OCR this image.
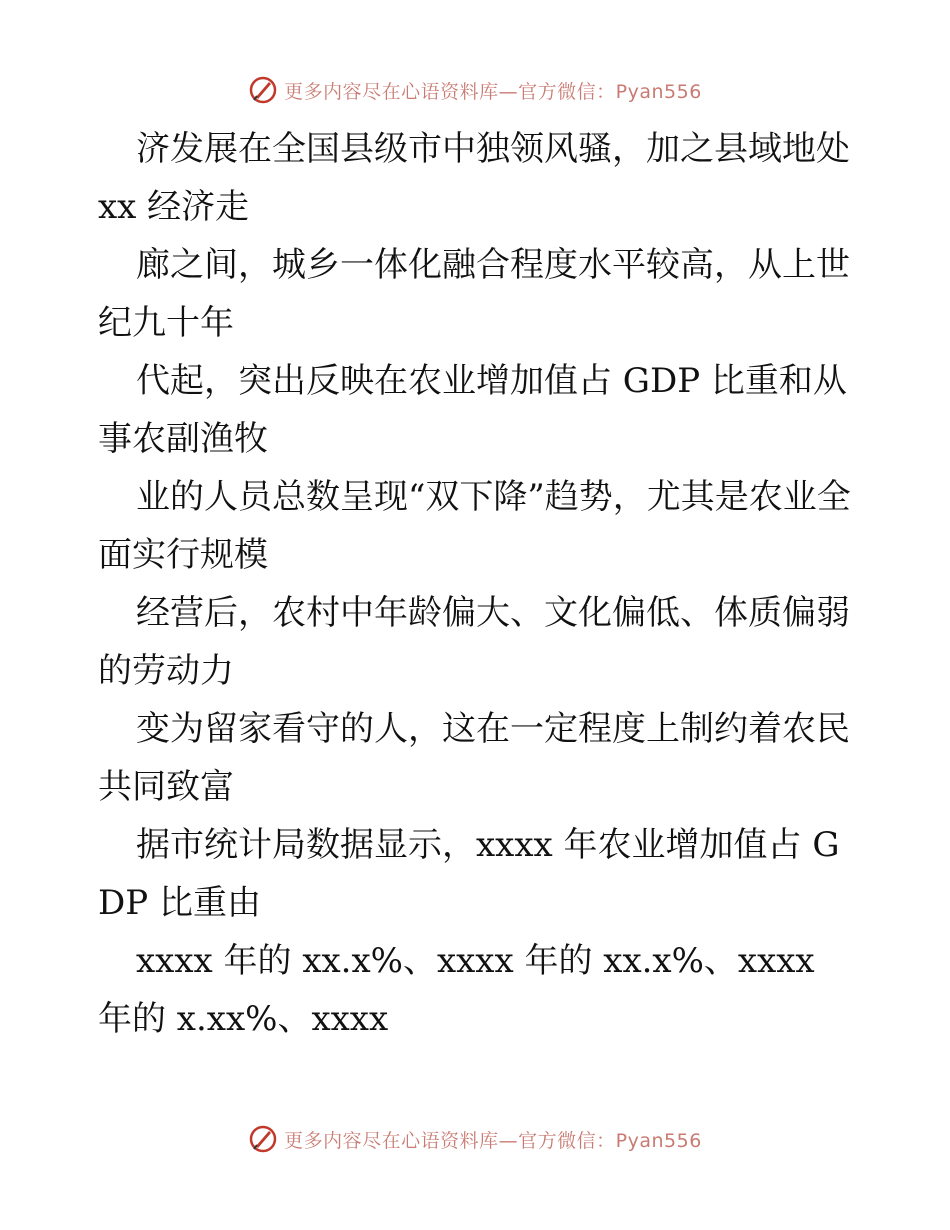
更多内容尽在心语资料库—官方微信：Pyan556

济发展在全国县级市中独领风骚，加之县域地处 xx 经济走

廊之间，城乡一体化融合程度水平较高，从上世纪九十年

代起，突出反映在农业增加值占 GDP 比重和从事农副渔牧

业的人员总数呈现“双下降”趋势，尤其是农业全面实行规模

经营后，农村中年龄偏大、文化偏低、体质偏弱的劳动力

变为留家看守的人，这在一定程度上制约着农民共同致富

据市统计局数据显示，xxxx 年农业增加值占 GDP 比重由

xxxx 年的 xx.x%、xxxx 年的 xx.x%、xxxx 年的 x.xx%、xxxx

更多内容尽在心语资料库—官方微信：Pyan556
